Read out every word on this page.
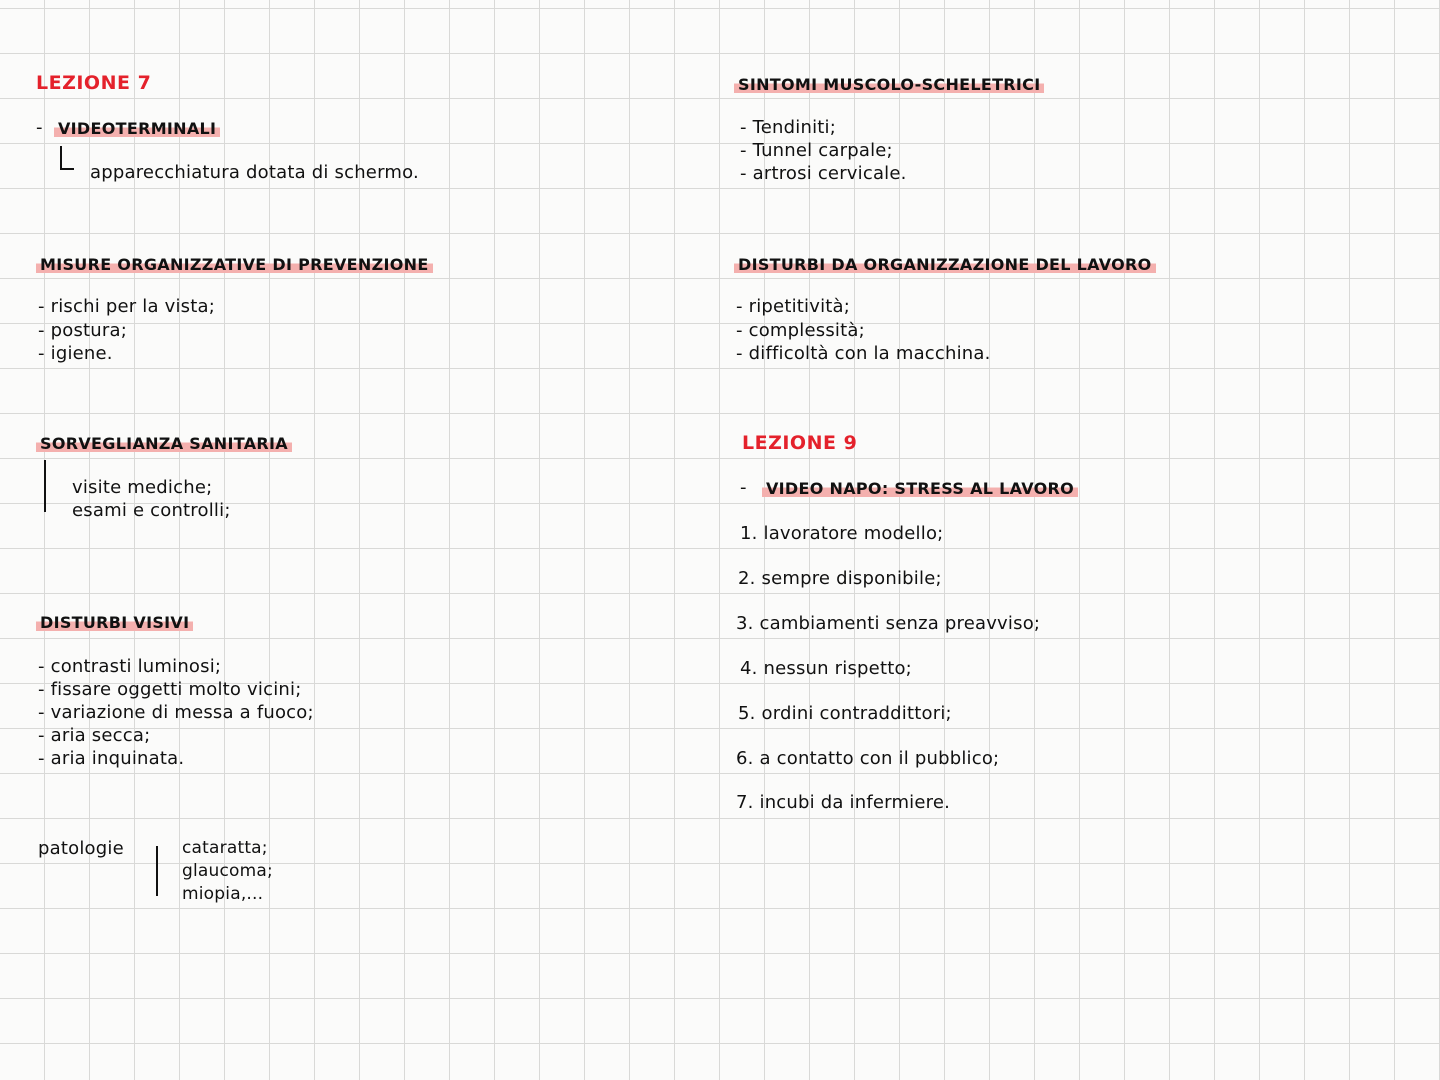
LEZIONE 7
- VIDEOTERMINALI
apparecchiatura dotata di schermo.
MISURE ORGANIZZATIVE DI PREVENZIONE
- rischi per la vista;
- postura;
- igiene.
SORVEGLIANZA SANITARIA
visite mediche;
esami e controlli;
DISTURBI VISIVI
- contrasti luminosi;
- fissare oggetti molto vicini;
- variazione di messa a fuoco;
- aria secca;
- aria inquinata.
patologie	cataratta;
glaucoma;
miopia,...
SINTOMI MUSCOLO-SCHELETRICI
- Tendiniti;
- Tunnel carpale;
- artrosi cervicale.
DISTURBI DA ORGANIZZAZIONE DEL LAVORO
- ripetitività;
- complessità;
- difficoltà con la macchina.
LEZIONE 9
- VIDEO NAPO: STRESS AL LAVORO
1. lavoratore modello;
2. sempre disponibile;
3. cambiamenti senza preavviso;
4. nessun rispetto;
5. ordini contraddittori;
6. a contatto con il pubblico;
7. incubi da infermiere.
